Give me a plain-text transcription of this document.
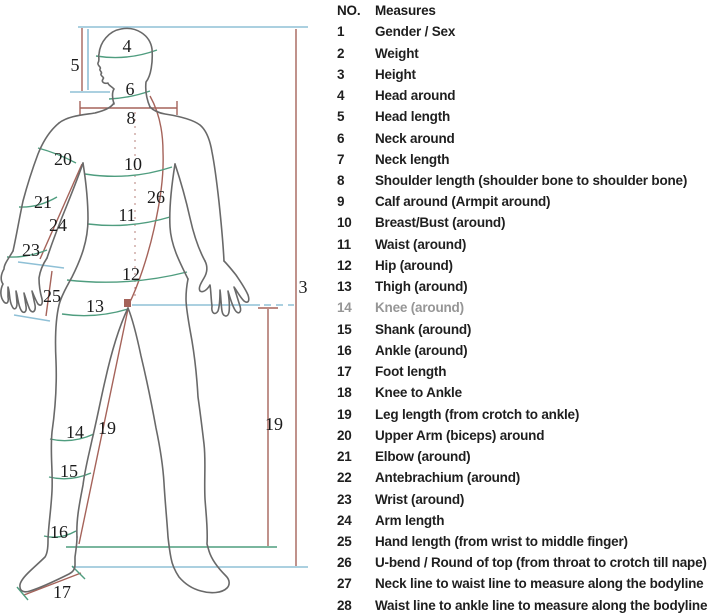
4
5
6
8
20	10
26
21
11
24
23
12
3
25 13
19	19
14
15
16
17
NO.	Measures
1	Gender / Sex
2	Weight
3	Height
4	Head around
5	Head length
6	Neck around
7	Neck length
8	Shoulder length (shoulder bone to shoulder bone)
9	Calf around (Armpit around)
10	Breast/Bust (around)
11	Waist (around)
12	Hip (around)
13	Thigh (around)
14	Knee (around)
15	Shank (around)
16	Ankle (around)
17	Foot length
18	Knee to Ankle
19	Leg length (from crotch to ankle)
20	Upper Arm (biceps) around
21	Elbow (around)
22	Antebrachium (around)
23	Wrist (around)
24	Arm length
25	Hand length (from wrist to middle finger)
26	U-bend / Round of top (from throat to crotch till nape)
27	Neck line to waist line to measure along the bodyline
28	Waist line to ankle line to measure along the bodyline
